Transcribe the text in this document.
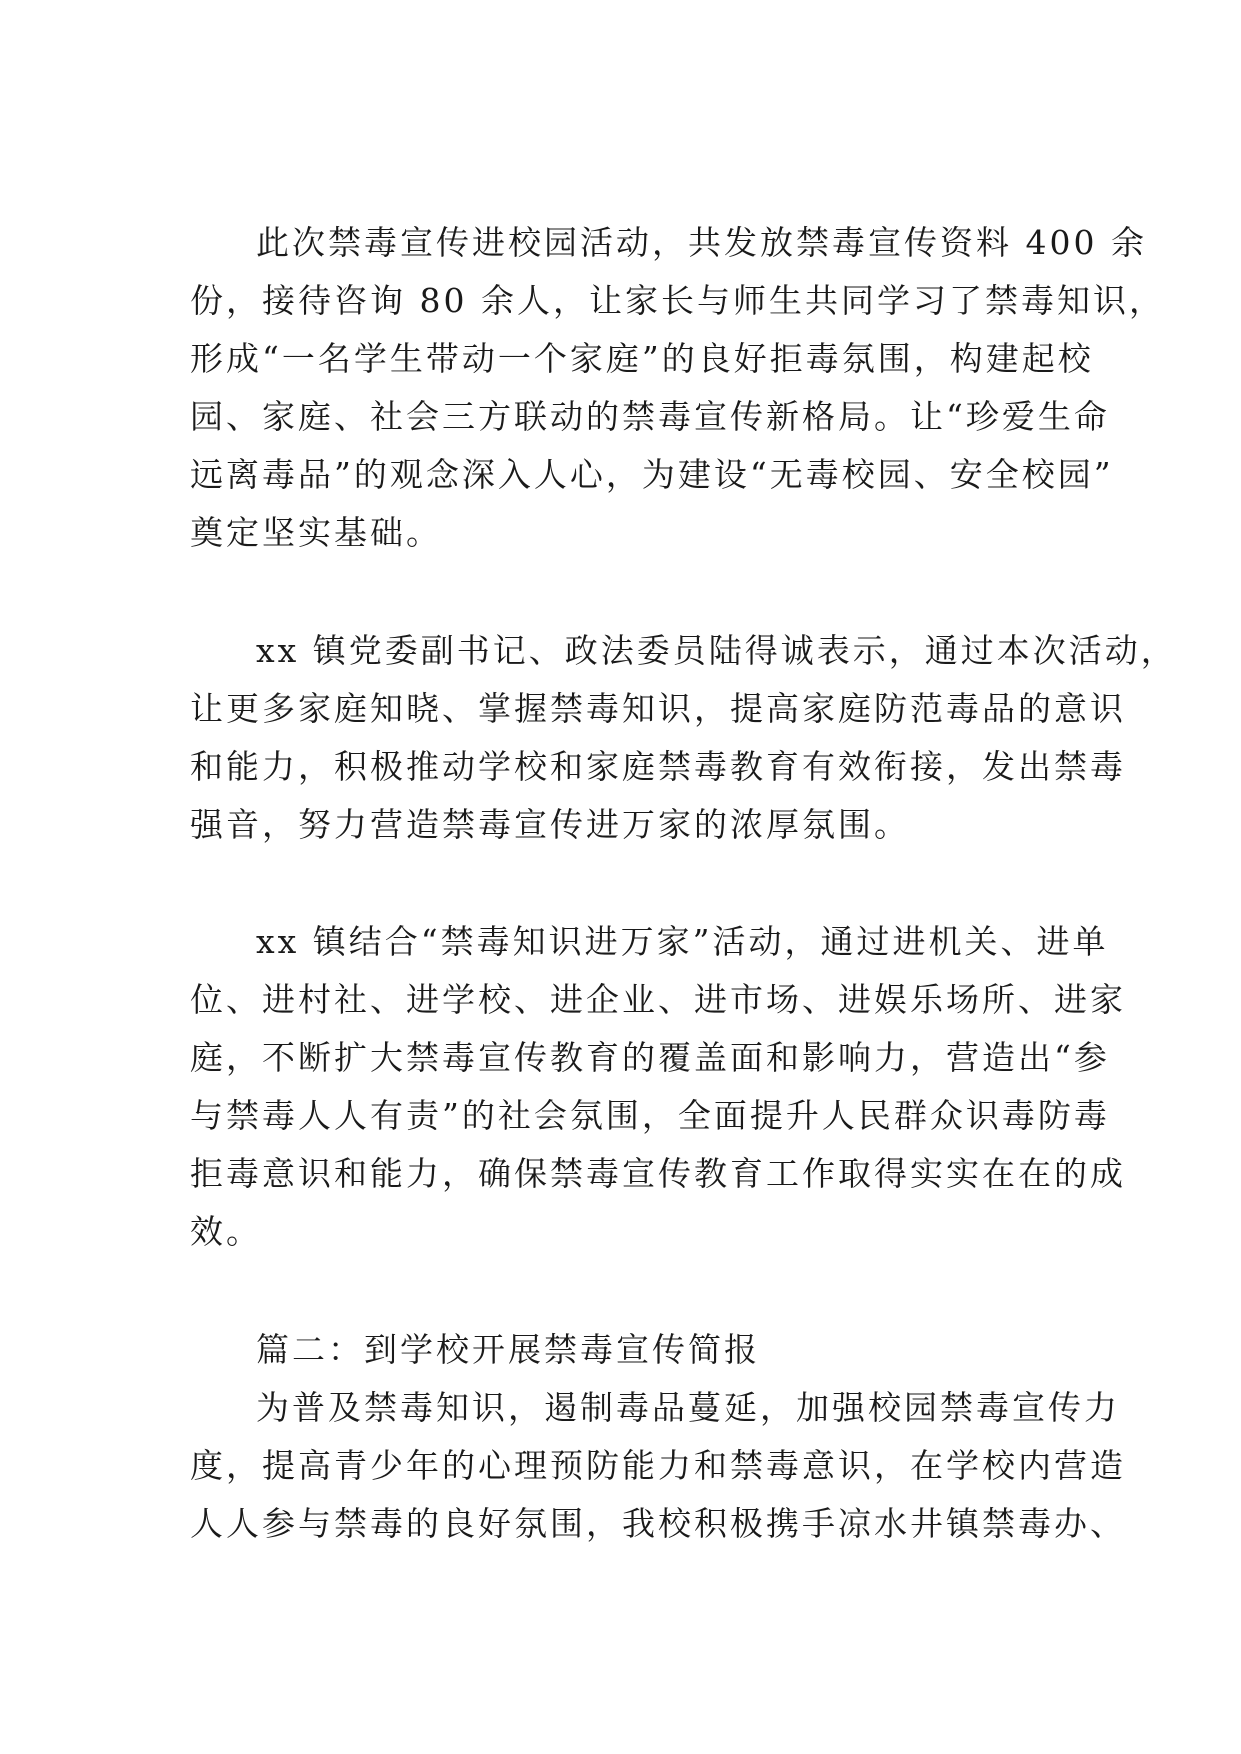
此次禁毒宣传进校园活动，共发放禁毒宣传资料 400 余
份，接待咨询 80 余人，让家长与师生共同学习了禁毒知识，
形成“一名学生带动一个家庭”的良好拒毒氛围，构建起校
园、家庭、社会三方联动的禁毒宣传新格局。让“珍爱生命
远离毒品”的观念深入人心，为建设“无毒校园、安全校园”
奠定坚实基础。
xx 镇党委副书记、政法委员陆得诚表示，通过本次活动，
让更多家庭知晓、掌握禁毒知识，提高家庭防范毒品的意识
和能力，积极推动学校和家庭禁毒教育有效衔接，发出禁毒
强音，努力营造禁毒宣传进万家的浓厚氛围。
xx 镇结合“禁毒知识进万家”活动，通过进机关、进单
位、进村社、进学校、进企业、进市场、进娱乐场所、进家
庭，不断扩大禁毒宣传教育的覆盖面和影响力，营造出“参
与禁毒人人有责”的社会氛围，全面提升人民群众识毒防毒
拒毒意识和能力，确保禁毒宣传教育工作取得实实在在的成
效。
篇二：到学校开展禁毒宣传简报
为普及禁毒知识，遏制毒品蔓延，加强校园禁毒宣传力
度，提高青少年的心理预防能力和禁毒意识，在学校内营造
人人参与禁毒的良好氛围，我校积极携手凉水井镇禁毒办、
